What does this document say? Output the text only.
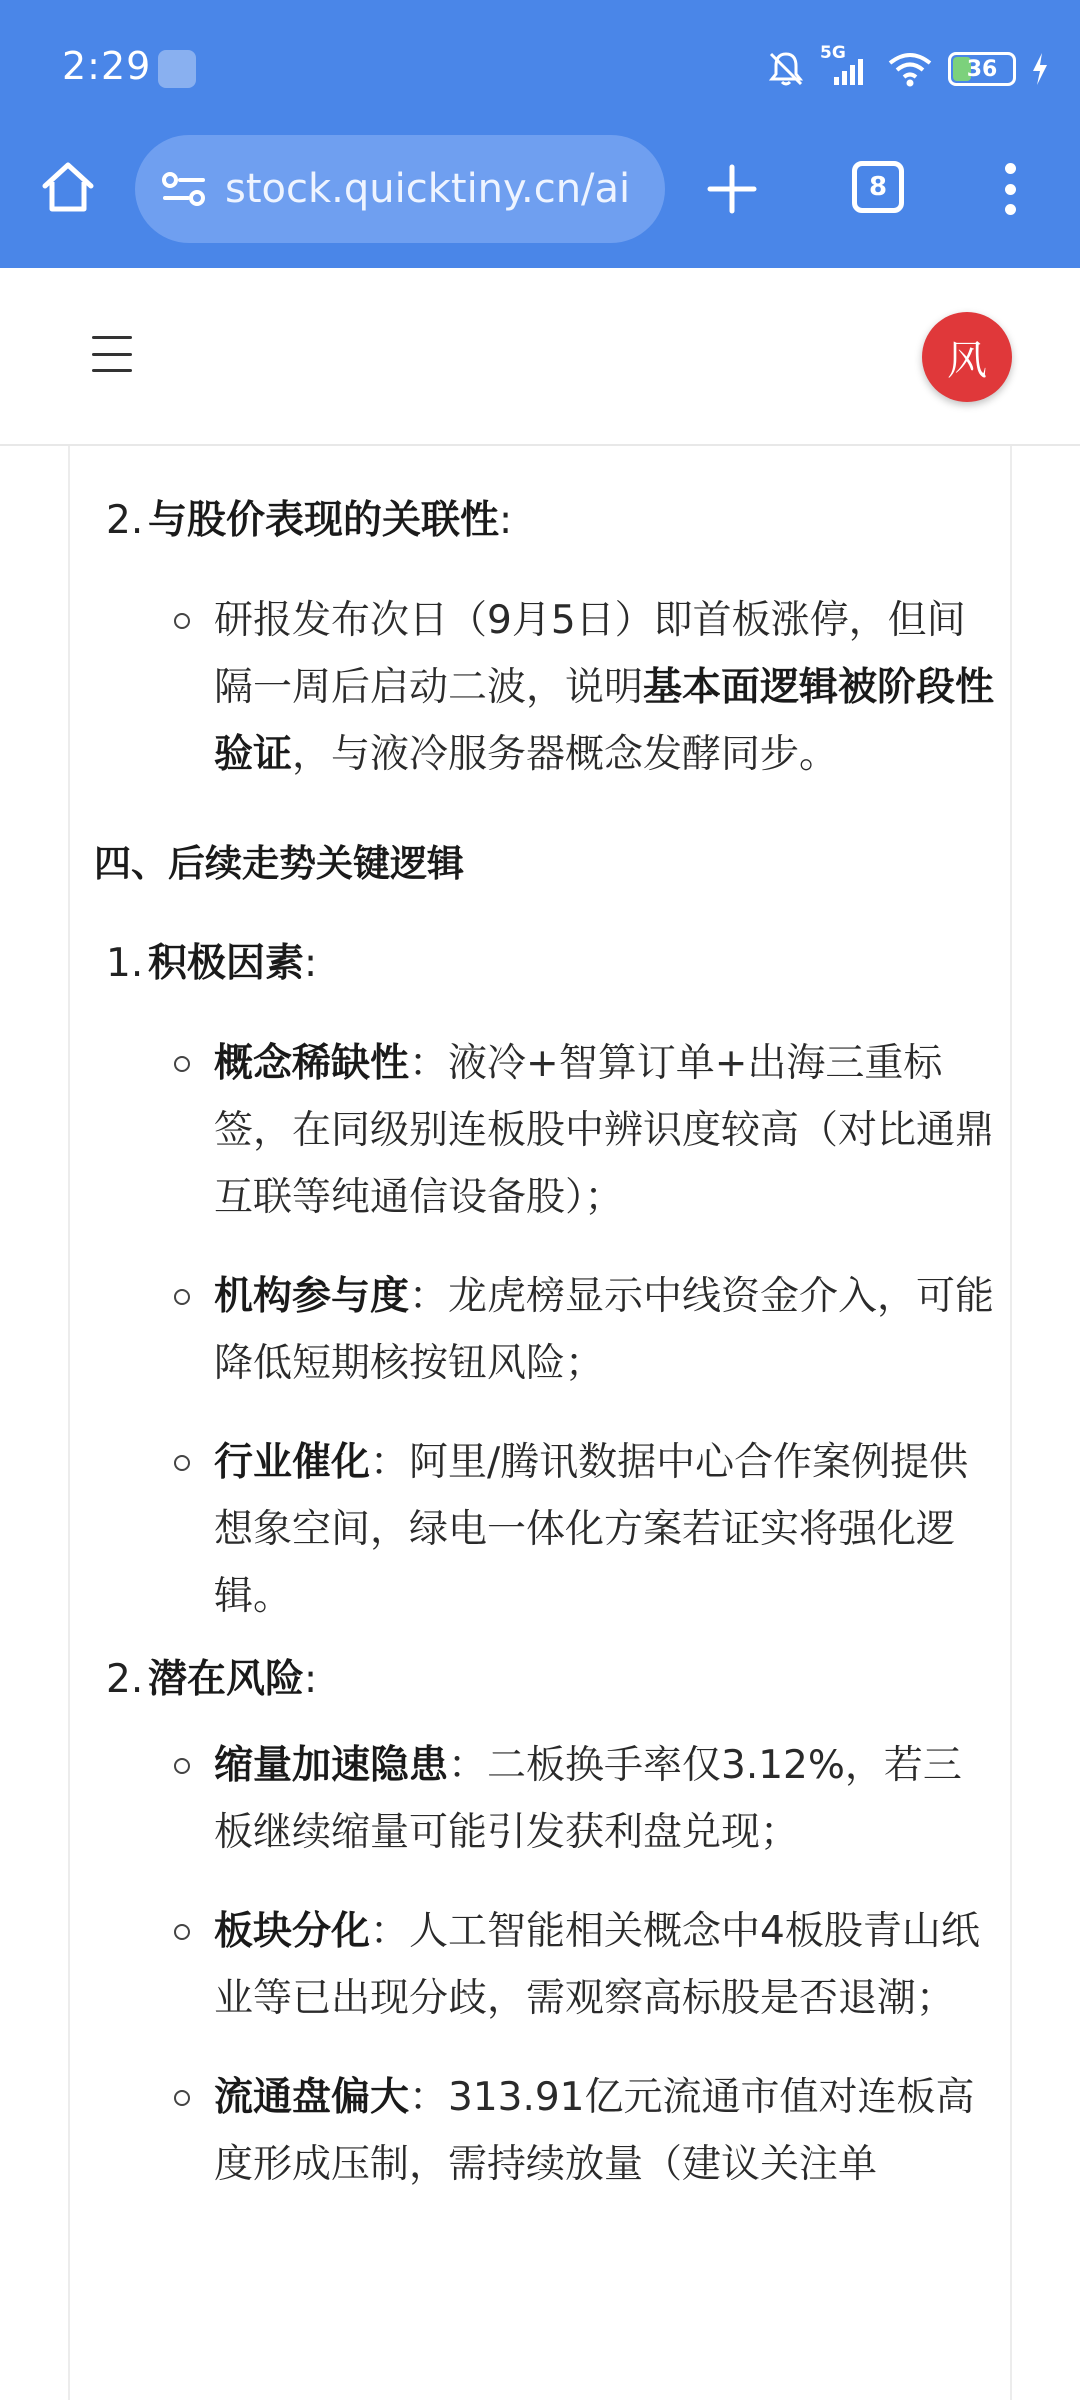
2:29	5G
36
stock.quicktiny.cn/ai	8
风
2. 与股价表现的关联性:
研报发布次日（9月5日）即首板涨停，但间隔一周后启动二波，说明基本面逻辑被阶段性验证，与液冷服务器概念发酵同步。
四、后续走势关键逻辑
1. 积极因素:
概念稀缺性：液冷+智算订单+出海三重标签，在同级别连板股中辨识度较高（对比通鼎互联等纯通信设备股）；
机构参与度：龙虎榜显示中线资金介入，可能降低短期核按钮风险；
行业催化：阿里/腾讯数据中心合作案例提供想象空间，绿电一体化方案若证实将强化逻辑。
2. 潜在风险:
缩量加速隐患：二板换手率仅3.12%，若三板继续缩量可能引发获利盘兑现；
板块分化：人工智能相关概念中4板股青山纸业等已出现分歧，需观察高标股是否退潮；
流通盘偏大：313.91亿元流通市值对连板高度形成压制，需持续放量（建议关注单
